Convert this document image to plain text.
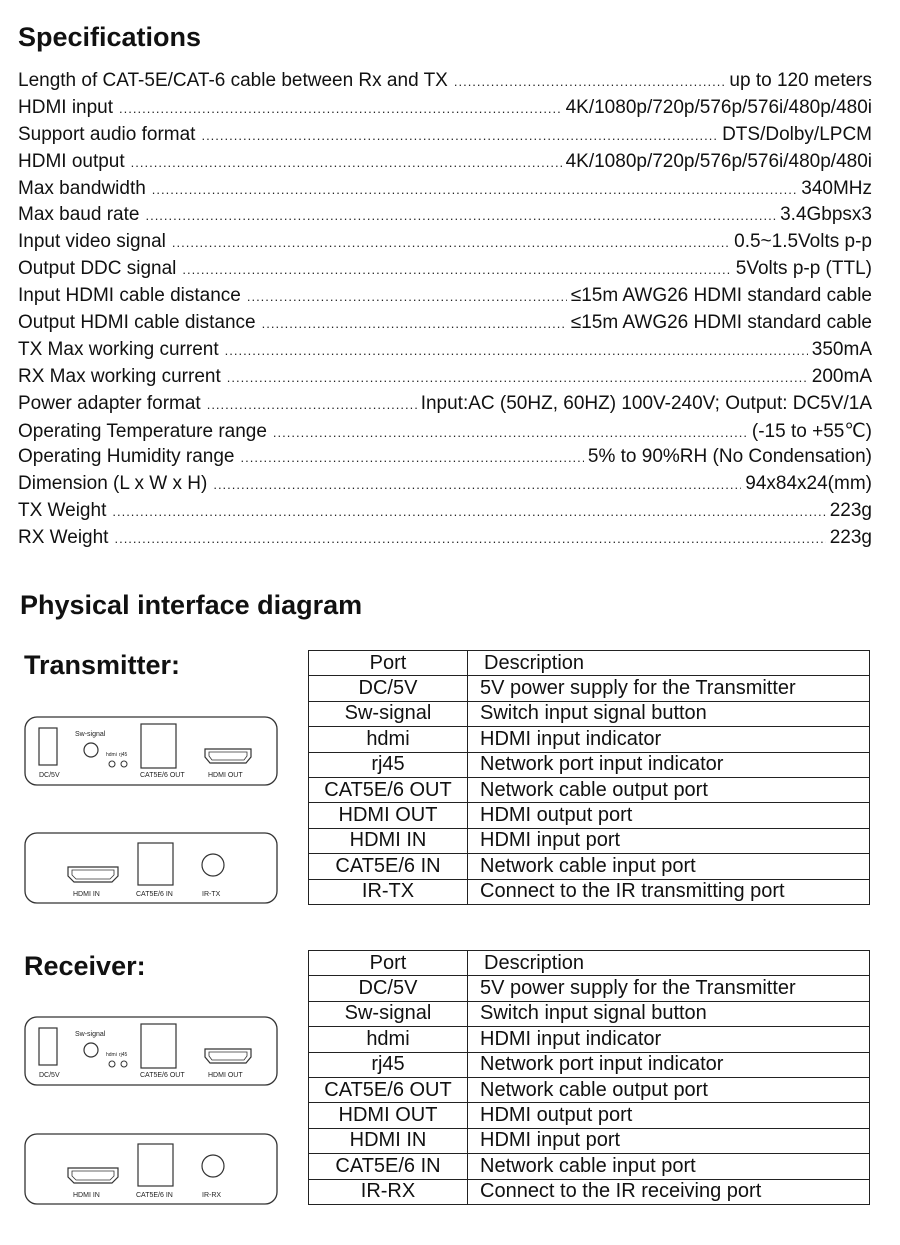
Specifications
Length of CAT-5E/CAT-6 cable between Rx and TX .....	up to 120 meters
HDMI input .....	4K/1080p/720p/576p/576i/480p/480i
Support audio format .....	DTS/Dolby/LPCM
HDMI output .....	4K/1080p/720p/576p/576i/480p/480i
Max bandwidth .....	340MHz
Max baud rate .....	3.4Gbpsx3
Input video signal .....	0.5~1.5Volts p-p
Output DDC signal .....	5Volts p-p (TTL)
Input HDMI cable distance .....	≤15m AWG26 HDMI standard cable
Output HDMI cable distance .....	≤15m AWG26 HDMI standard cable
TX Max working current .....	350mA
RX Max working current .....	200mA
Power adapter format .....	Input:AC (50HZ, 60HZ) 100V-240V; Output: DC5V/1A
Operating Temperature range .....	(-15 to +55℃)
Operating Humidity range .....	5% to 90%RH (No Condensation)
Dimension (L x W x H) .....	94x84x24(mm)
TX Weight .....	223g
RX Weight .....	223g
Physical interface diagram
Transmitter:
Sw-signal
hdmi rj45
DC/5V	CAT5E/6 OUT	HDMI OUT
HDMI IN	CAT5E/6 IN	IR-TX
Port	Description
DC/5V	5V power supply for the Transmitter
Sw-signal	Switch input signal button
hdmi	HDMI input indicator
rj45	Network port input indicator
CAT5E/6 OUT	Network cable output port
HDMI OUT	HDMI output port
HDMI IN	HDMI input port
CAT5E/6 IN	Network cable input port
IR-TX	Connect to the IR transmitting port
Receiver:
Sw-signal
hdmi rj45
DC/5V	CAT5E/6 OUT	HDMI OUT
HDMI IN	CAT5E/6 IN	IR-RX
Port	Description
DC/5V	5V power supply for the Transmitter
Sw-signal	Switch input signal button
hdmi	HDMI input indicator
rj45	Network port input indicator
CAT5E/6 OUT	Network cable output port
HDMI OUT	HDMI output port
HDMI IN	HDMI input port
CAT5E/6 IN	Network cable input port
IR-RX	Connect to the IR receiving port
